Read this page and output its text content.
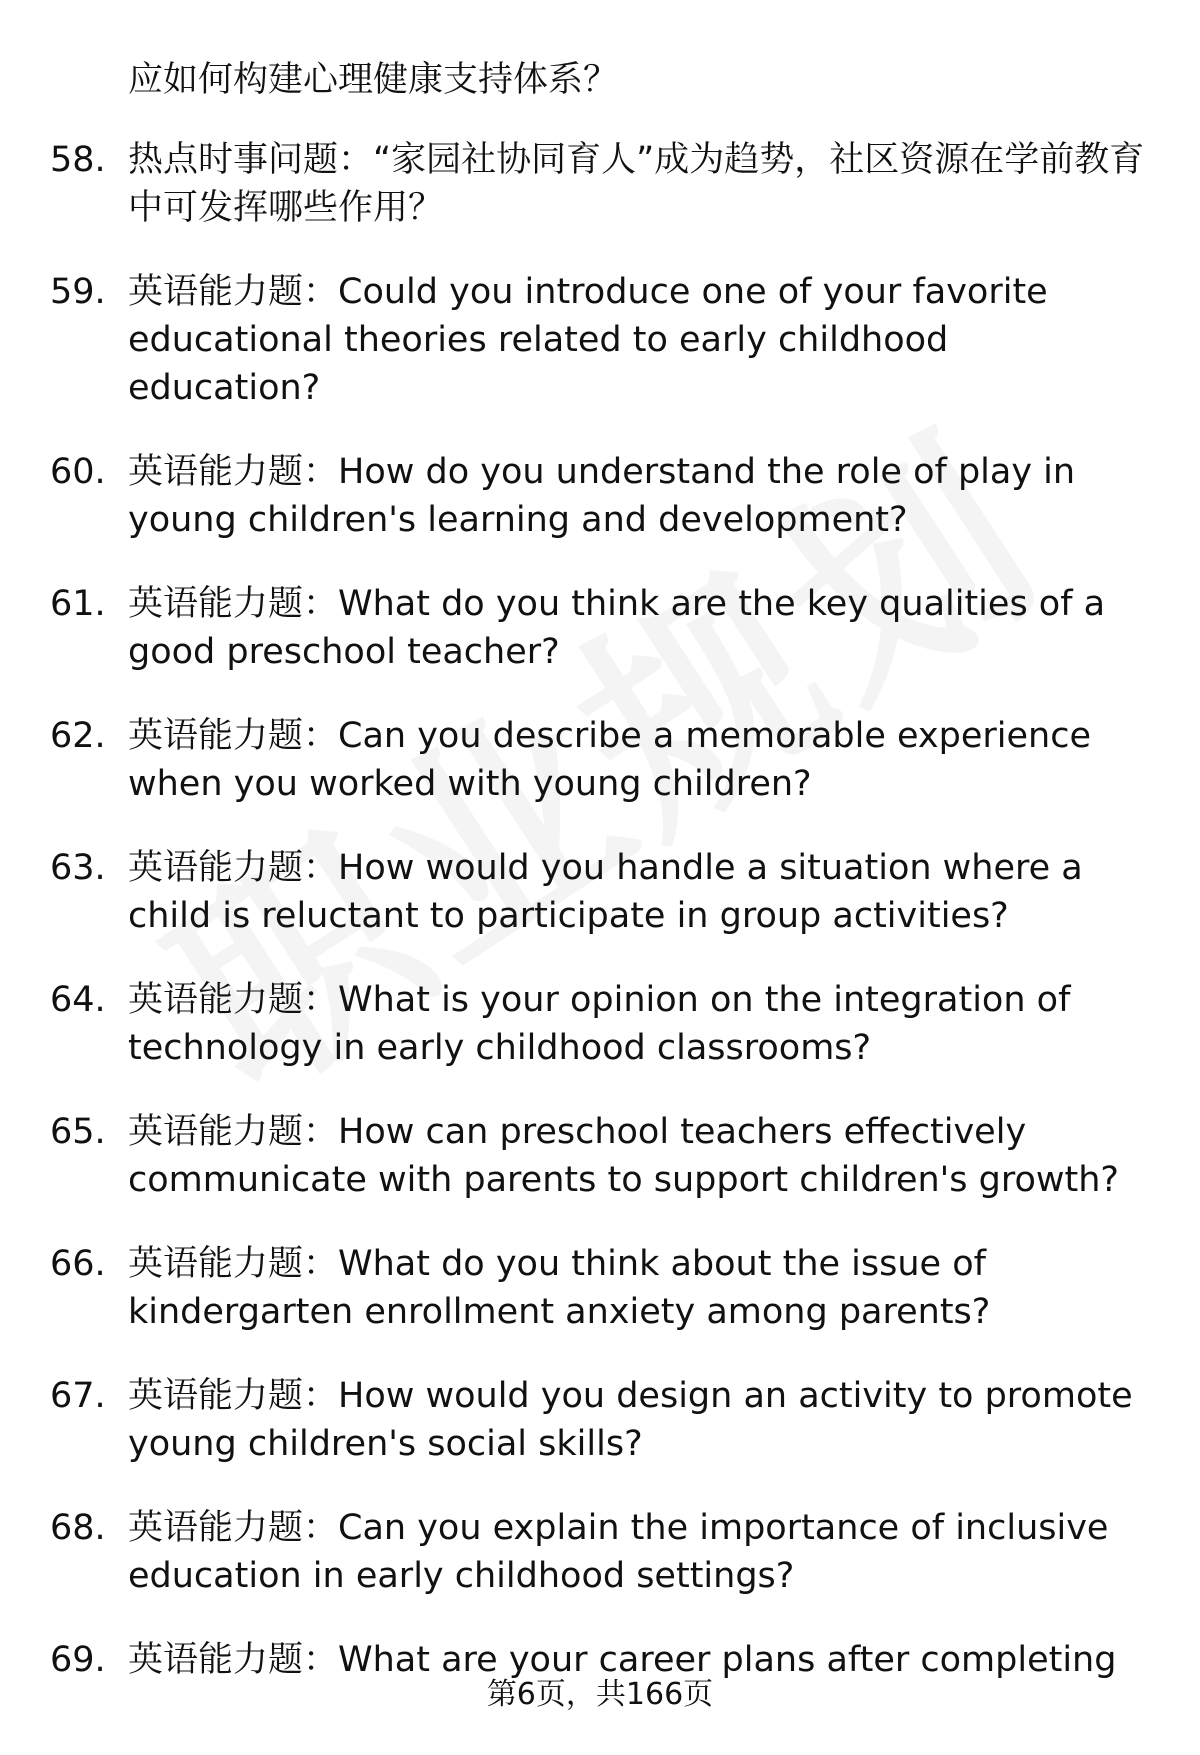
应如何构建心理健康支持体系？
58. 热点时事问题：“家园社协同育人”成为趋势，社区资源在学前教育中可发挥哪些作用？
59. 英语能力题：Could you introduce one of your favorite educational theories related to early childhood education?
60. 英语能力题：How do you understand the role of play in young children's learning and development?
61. 英语能力题：What do you think are the key qualities of a good preschool teacher?
62. 英语能力题：Can you describe a memorable experience when you worked with young children?
63. 英语能力题：How would you handle a situation where a child is reluctant to participate in group activities?
64. 英语能力题：What is your opinion on the integration of technology in early childhood classrooms?
65. 英语能力题：How can preschool teachers effectively communicate with parents to support children's growth?
66. 英语能力题：What do you think about the issue of kindergarten enrollment anxiety among parents?
67. 英语能力题：How would you design an activity to promote young children's social skills?
68. 英语能力题：Can you explain the importance of inclusive education in early childhood settings?
69. 英语能力题：What are your career plans after completing
第6页，共166页
